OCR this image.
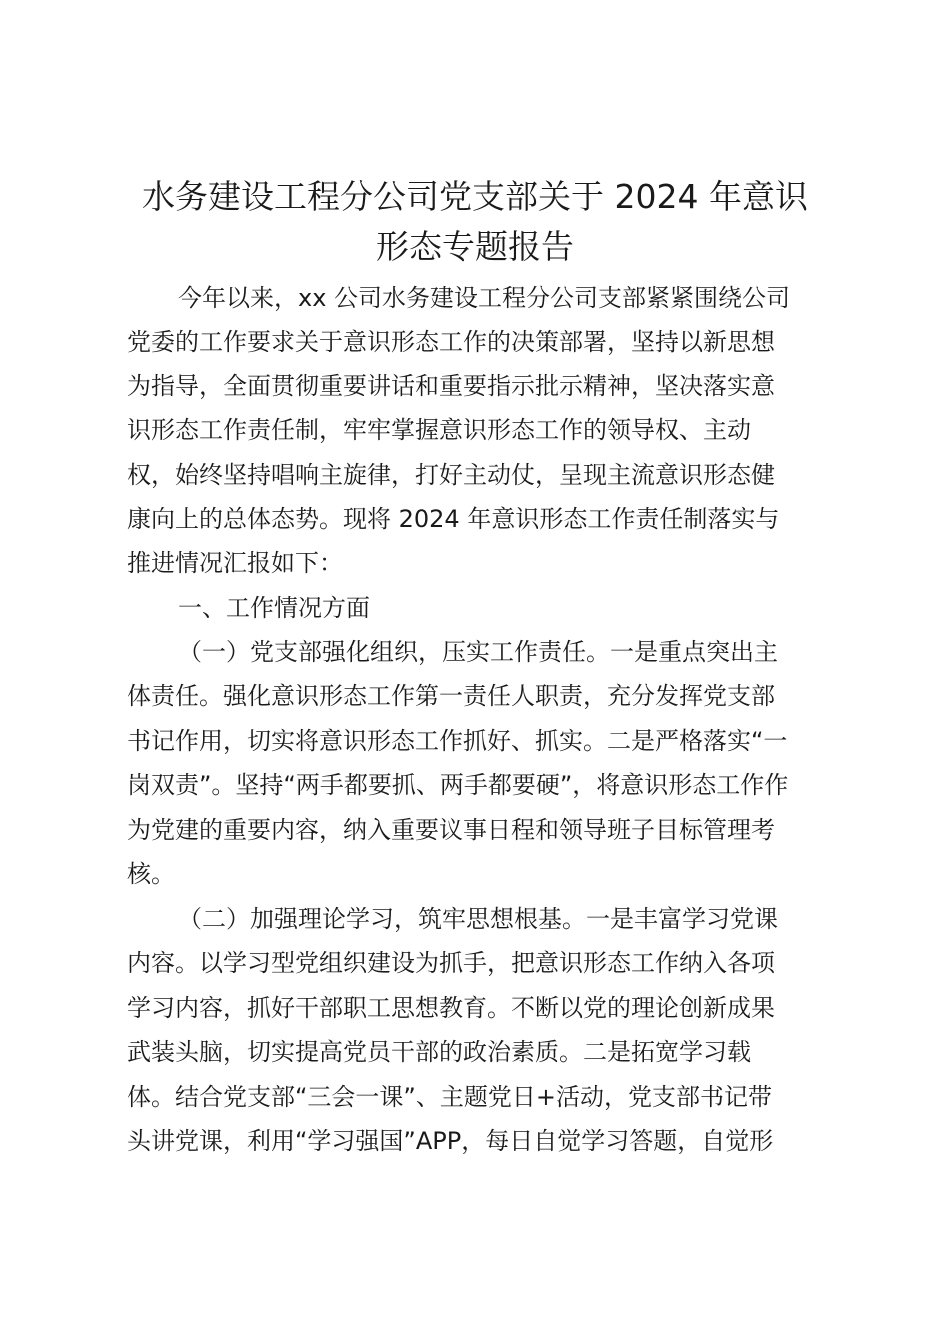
水务建设工程分公司党支部关于 2024 年意识
形态专题报告

今年以来，xx 公司水务建设工程分公司支部紧紧围绕公司

党委的工作要求关于意识形态工作的决策部署，坚持以新思想

为指导，全面贯彻重要讲话和重要指示批示精神，坚决落实意

识形态工作责任制，牢牢掌握意识形态工作的领导权、主动

权，始终坚持唱响主旋律，打好主动仗，呈现主流意识形态健

康向上的总体态势。现将 2024 年意识形态工作责任制落实与

推进情况汇报如下：

一、工作情况方面

（一）党支部强化组织，压实工作责任。一是重点突出主

体责任。强化意识形态工作第一责任人职责，充分发挥党支部

书记作用，切实将意识形态工作抓好、抓实。二是严格落实“一

岗双责”。坚持“两手都要抓、两手都要硬”，将意识形态工作作

为党建的重要内容，纳入重要议事日程和领导班子目标管理考

核。

（二）加强理论学习，筑牢思想根基。一是丰富学习党课

内容。以学习型党组织建设为抓手，把意识形态工作纳入各项

学习内容，抓好干部职工思想教育。不断以党的理论创新成果

武装头脑，切实提高党员干部的政治素质。二是拓宽学习载

体。结合党支部“三会一课”、主题党日+活动，党支部书记带

头讲党课，利用“学习强国”APP，每日自觉学习答题，自觉形
